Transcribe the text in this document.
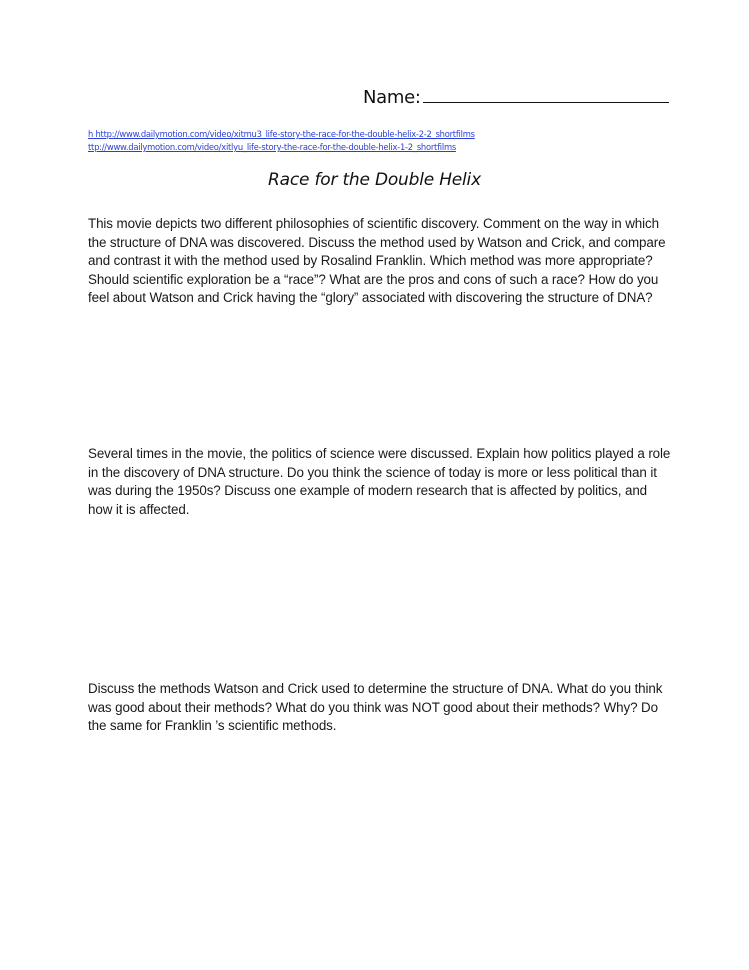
Name:
h http://www.dailymotion.com/video/xitmu3_life-story-the-race-for-the-double-helix-2-2_shortfilms
ttp://www.dailymotion.com/video/xitlyu_life-story-the-race-for-the-double-helix-1-2_shortfilms
Race for the Double Helix

This movie depicts two different philosophies of scientific discovery. Comment on the way in which the structure of DNA was discovered. Discuss the method used by Watson and Crick, and compare and contrast it with the method used by Rosalind Franklin. Which method was more appropriate? Should scientific exploration be a “race”? What are the pros and cons of such a race? How do you feel about Watson and Crick having the “glory” associated with discovering the structure of DNA?

Several times in the movie, the politics of science were discussed. Explain how politics played a role in the discovery of DNA structure. Do you think the science of today is more or less political than it was during the 1950s? Discuss one example of modern research that is affected by politics, and how it is affected.

Discuss the methods Watson and Crick used to determine the structure of DNA. What do you think was good about their methods? What do you think was NOT good about their methods? Why? Do the same for Franklin ’s scientific methods.
